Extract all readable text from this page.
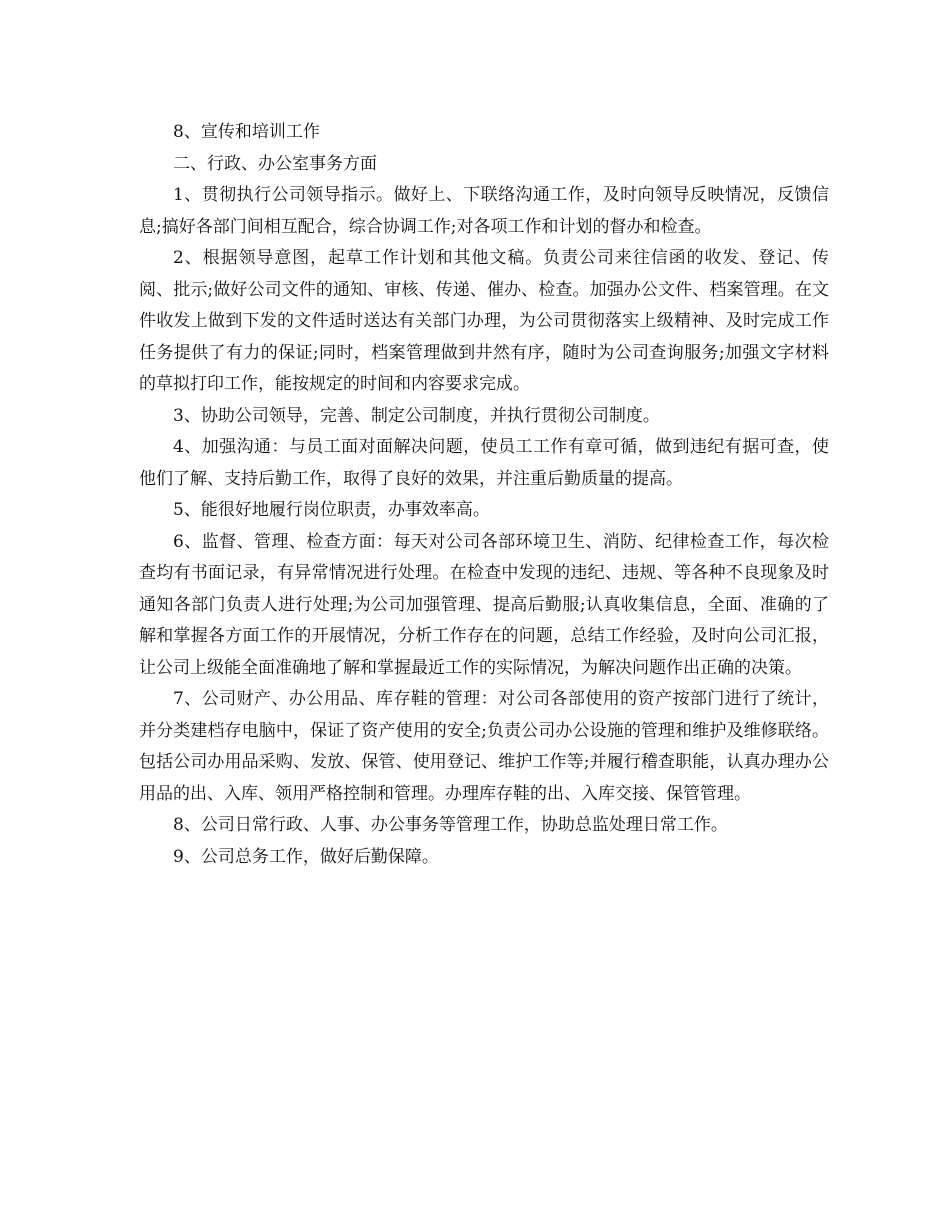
8、宣传和培训工作

二、行政、办公室事务方面

1、贯彻执行公司领导指示。做好上、下联络沟通工作，及时向领导反映情况，反馈信息;搞好各部门间相互配合，综合协调工作;对各项工作和计划的督办和检查。

2、根据领导意图，起草工作计划和其他文稿。负责公司来往信函的收发、登记、传阅、批示;做好公司文件的通知、审核、传递、催办、检查。加强办公文件、档案管理。在文件收发上做到下发的文件适时送达有关部门办理，为公司贯彻落实上级精神、及时完成工作任务提供了有力的保证;同时，档案管理做到井然有序，随时为公司查询服务;加强文字材料的草拟打印工作，能按规定的时间和内容要求完成。

3、协助公司领导，完善、制定公司制度，并执行贯彻公司制度。

4、加强沟通：与员工面对面解决问题，使员工工作有章可循，做到违纪有据可查，使他们了解、支持后勤工作，取得了良好的效果，并注重后勤质量的提高。

5、能很好地履行岗位职责，办事效率高。

6、监督、管理、检查方面：每天对公司各部环境卫生、消防、纪律检查工作，每次检查均有书面记录，有异常情况进行处理。在检查中发现的违纪、违规、等各种不良现象及时通知各部门负责人进行处理;为公司加强管理、提高后勤服;认真收集信息，全面、准确的了解和掌握各方面工作的开展情况，分析工作存在的问题，总结工作经验，及时向公司汇报，让公司上级能全面准确地了解和掌握最近工作的实际情况，为解决问题作出正确的决策。

7、公司财产、办公用品、库存鞋的管理：对公司各部使用的资产按部门进行了统计，并分类建档存电脑中，保证了资产使用的安全;负责公司办公设施的管理和维护及维修联络。包括公司办用品采购、发放、保管、使用登记、维护工作等;并履行稽查职能，认真办理办公用品的出、入库、领用严格控制和管理。办理库存鞋的出、入库交接、保管管理。

8、公司日常行政、人事、办公事务等管理工作，协助总监处理日常工作。

9、公司总务工作，做好后勤保障。
